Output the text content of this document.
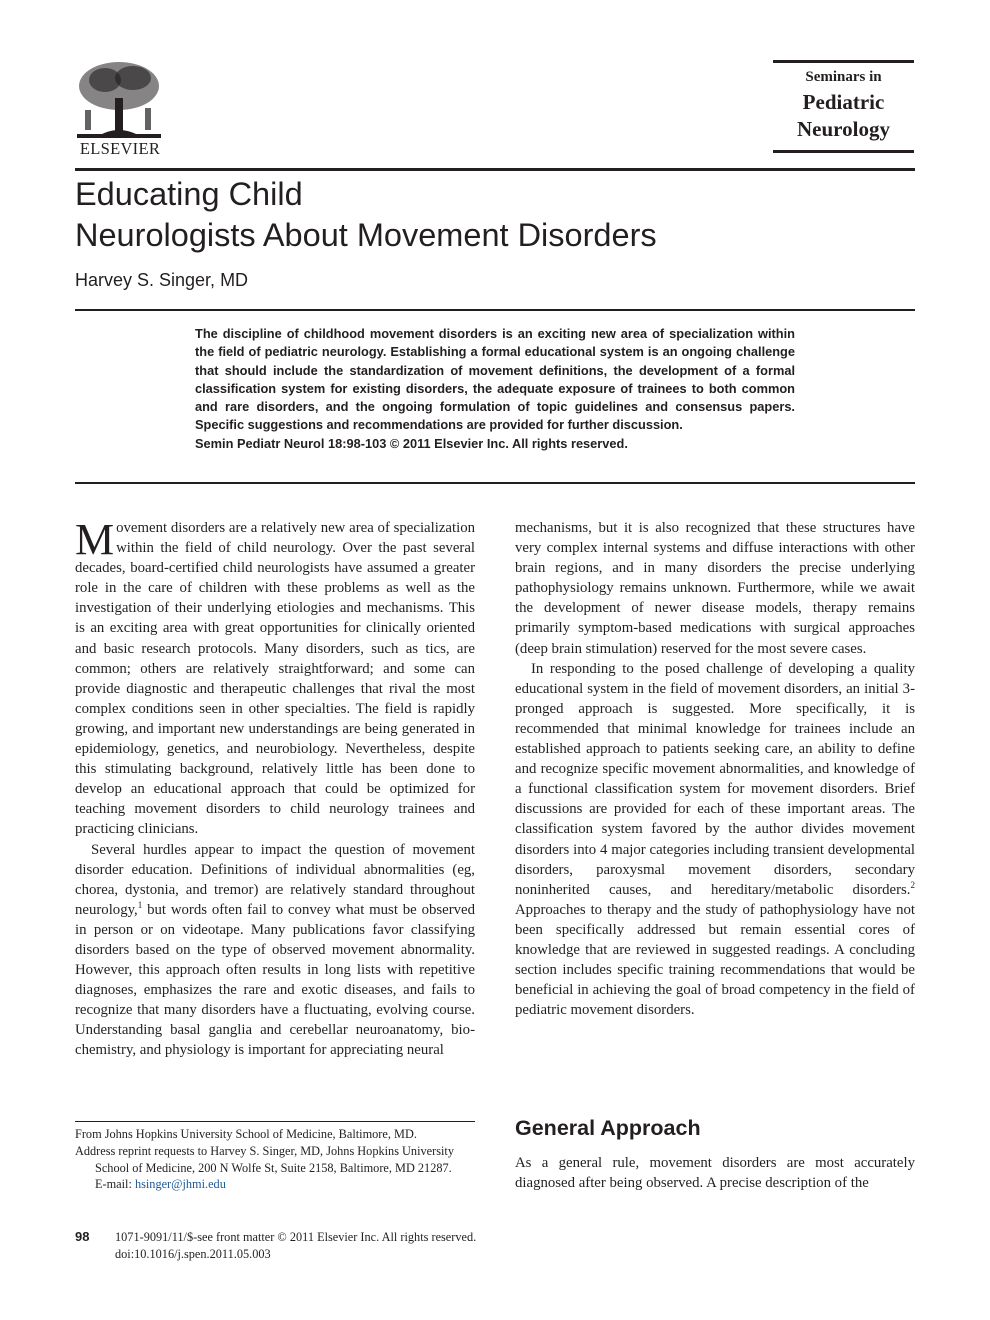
ELSEVIER
Seminars in
Pediatric
Neurology
Educating Child
Neurologists About Movement Disorders
Harvey S. Singer, MD
The discipline of childhood movement disorders is an exciting new area of specialization within the field of pediatric neurology. Establishing a formal educational system is an ongoing challenge that should include the standardization of movement definitions, the development of a formal classification system for existing disorders, the adequate exposure of trainees to both common and rare disorders, and the ongoing formulation of topic guidelines and consensus papers. Specific suggestions and recommendations are provided for further discussion.
Semin Pediatr Neurol 18:98-103 © 2011 Elsevier Inc. All rights reserved.

Movement disorders are a relatively new area of specialization within the field of child neurology. Over the past several decades, board-certified child neurologists have assumed a greater role in the care of children with these problems as well as the investigation of their underlying etiologies and mechanisms. This is an exciting area with great opportunities for clinically oriented and basic research protocols. Many disorders, such as tics, are common; others are relatively straightforward; and some can provide diagnostic and therapeutic challenges that rival the most complex conditions seen in other specialties. The field is rapidly growing, and important new understandings are being generated in epidemiology, genetics, and neurobiology. Nevertheless, despite this stimulating background, relatively little has been done to develop an educational approach that could be optimized for teaching movement disorders to child neurology trainees and practicing clinicians.

Several hurdles appear to impact the question of movement disorder education. Definitions of individual abnormalities (eg, chorea, dystonia, and tremor) are relatively standard throughout neurology,$^1$ but words often fail to convey what must be observed in person or on videotape. Many publications favor classifying disorders based on the type of observed movement abnormality. However, this approach often results in long lists with repetitive diagnoses, emphasizes the rare and exotic diseases, and fails to recognize that many disorders have a fluctuating, evolving course. Understanding basal ganglia and cerebellar neuroanatomy, biochemistry, and physiology is important for appreciating neural

mechanisms, but it is also recognized that these structures have very complex internal systems and diffuse interactions with other brain regions, and in many disorders the precise underlying pathophysiology remains unknown. Furthermore, while we await the development of newer disease models, therapy remains primarily symptom-based medications with surgical approaches (deep brain stimulation) reserved for the most severe cases.

In responding to the posed challenge of developing a quality educational system in the field of movement disorders, an initial 3-pronged approach is suggested. More specifically, it is recommended that minimal knowledge for trainees include an established approach to patients seeking care, an ability to define and recognize specific movement abnormalities, and knowledge of a functional classification system for movement disorders. Brief discussions are provided for each of these important areas. The classification system favored by the author divides movement disorders into 4 major categories including transient developmental disorders, paroxysmal movement disorders, secondary noninherited causes, and hereditary/metabolic disorders.$^2$ Approaches to therapy and the study of pathophysiology have not been specifically addressed but remain essential cores of knowledge that are reviewed in suggested readings. A concluding section includes specific training recommendations that would be beneficial in achieving the goal of broad competency in the field of pediatric movement disorders.

General Approach

As a general rule, movement disorders are most accurately diagnosed after being observed. A precise description of the

From Johns Hopkins University School of Medicine, Baltimore, MD.
Address reprint requests to Harvey S. Singer, MD, Johns Hopkins University School of Medicine, 200 N Wolfe St, Suite 2158, Baltimore, MD 21287.
E-mail: hsinger@jhmi.edu
98 1071-9091/11/$-see front matter © 2011 Elsevier Inc. All rights reserved.
doi:10.1016/j.spen.2011.05.003
